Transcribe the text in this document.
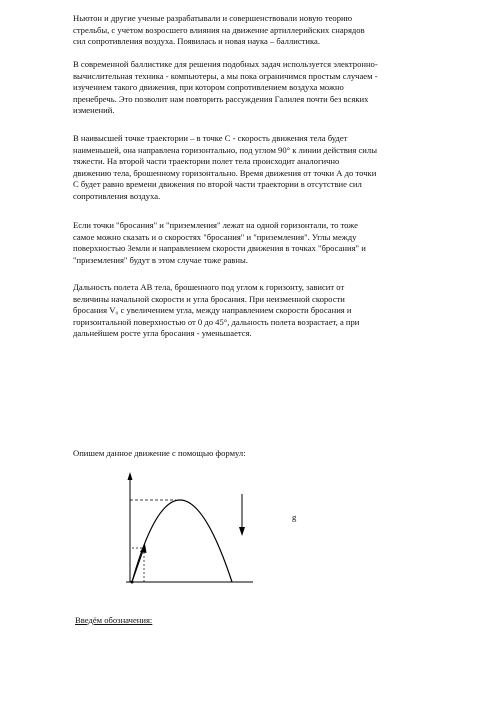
Ньютон и другие ученые разрабатывали и совершенствовали новую теорию
стрельбы, с учетом возросшего влияния на движение артиллерийских снарядов
сил сопротивления воздуха. Появилась и новая наука – баллистика.
В современной баллистике для решения подобных задач используется электронно-
вычислительная техника - компьютеры, а мы пока ограничимся простым случаем -
изучением такого движения, при котором сопротивлением воздуха можно
пренебречь. Это позволит нам повторить рассуждения Галилея почти без всяких
изменений.
В наивысшей точке траектории – в точке С - скорость движения тела будет
наименьшей, она направлена горизонтально, под углом 90° к линии действия силы
тяжести. На второй части траектории полет тела происходит аналогично
движению тела, брошенному горизонтально. Время движения от точки А до точки
С будет равно времени движения по второй части траектории в отсутствие сил
сопротивления воздуха.
Если точки "бросания" и "приземления" лежат на одной горизонтали, то тоже
самое можно сказать и о скоростях "бросания" и "приземления". Углы между
поверхностью Земли и направлением скорости движения в точках "бросания" и
"приземления" будут в этом случае тоже равны.
Дальность полета АВ тела, брошенного под углом к горизонту, зависит от
величины начальной скорости и угла бросания. При неизменной скорости
бросания V₀ с увеличением угла, между направлением скорости бросания и
горизонтальной поверхностью от 0 до 45°, дальность полета возрастает, а при
дальнейшем росте угла бросания - уменьшается.
Опишем данное движение с помощью формул:
g
Введём обозначения:
